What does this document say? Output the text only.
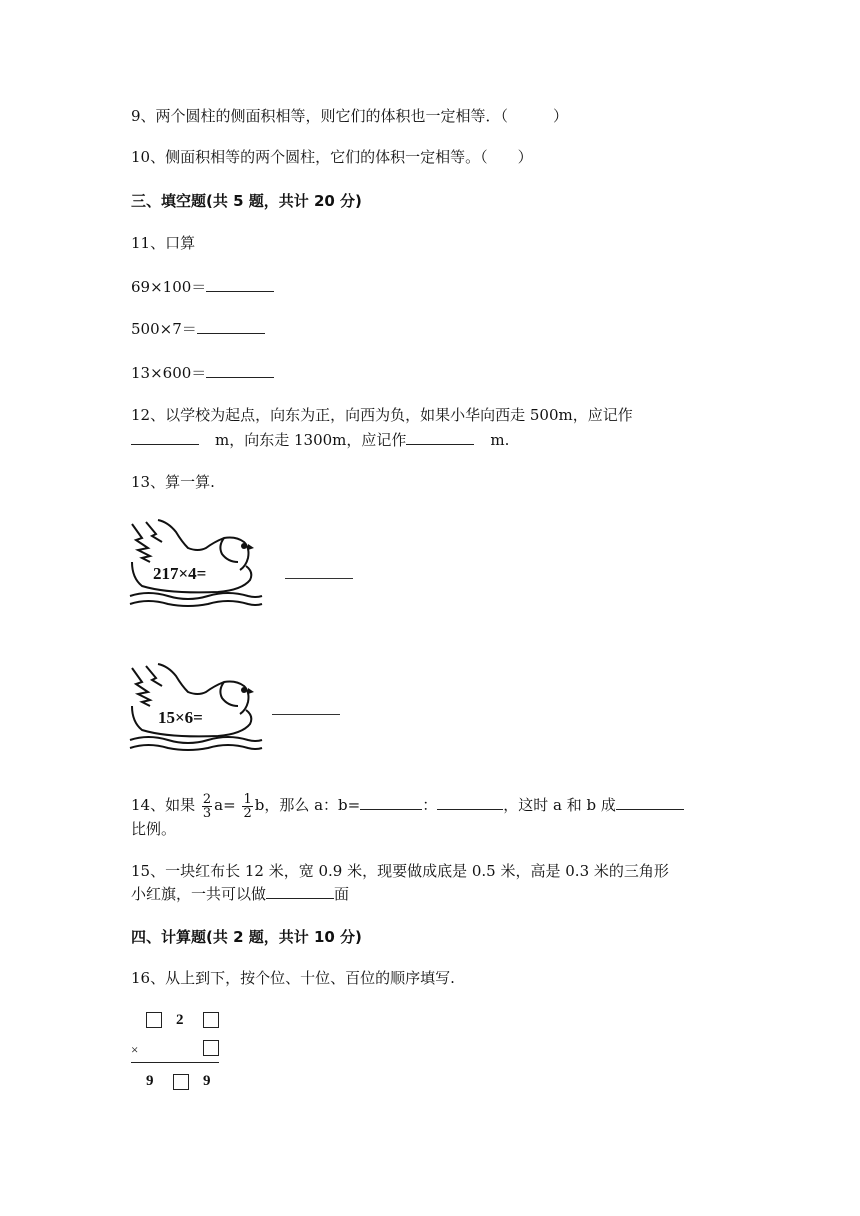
9、两个圆柱的侧面积相等，则它们的体积也一定相等．（　　　）
10、侧面积相等的两个圆柱，它们的体积一定相等。（　　）
三、填空题(共 5 题，共计 20 分)
11、口算
69×100＝
500×7＝
13×600＝
12、以学校为起点，向东为正，向西为负，如果小华向西走 500m，应记作
m，向东走 1300m，应记作	m.
13、算一算.
217×4=
15×6=
14、如果 $\frac{2}{3} a= \frac{1}{2}$ b，那么 a：b=	：	，这时 a 和 b 成
比例。
15、一块红布长 12 米，宽 0.9 米，现要做成底是 0.5 米，高是 0.3 米的三角形
小红旗，一共可以做	面
四、计算题(共 2 题，共计 10 分)
16、从上到下，按个位、十位、百位的顺序填写.
2
×
9	9
